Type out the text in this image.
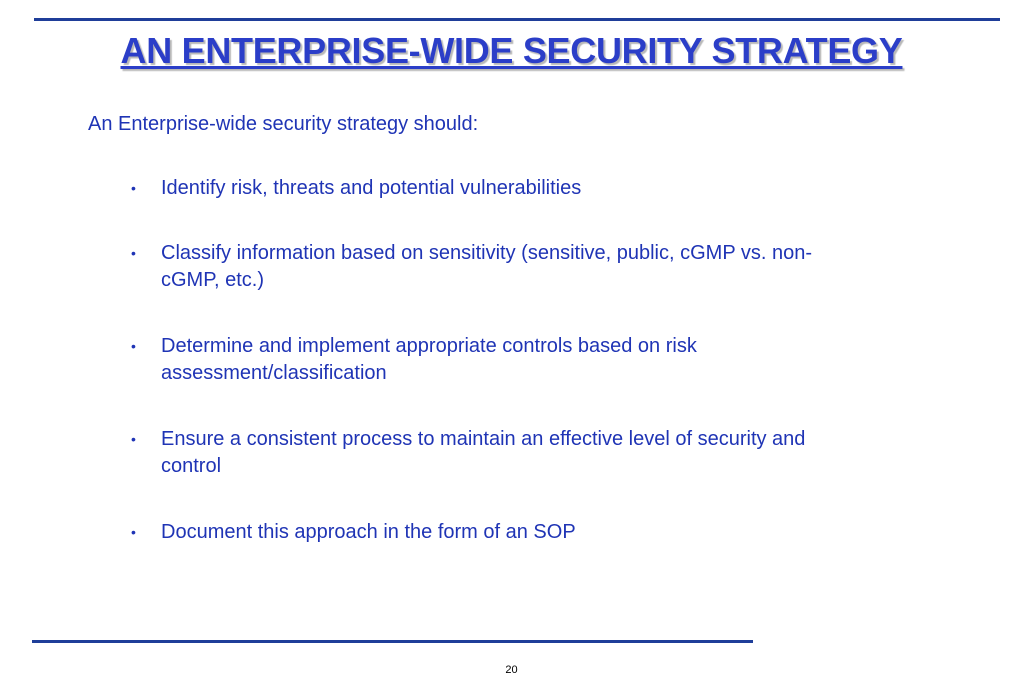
AN ENTERPRISE-WIDE SECURITY STRATEGY
An Enterprise-wide security strategy should:
• Identify risk, threats and potential vulnerabilities
• Classify information based on sensitivity (sensitive, public, cGMP vs. non-cGMP, etc.)
• Determine and implement appropriate controls based on risk assessment/classification
• Ensure a consistent process to maintain an effective level of security and control
• Document this approach in the form of an SOP
20
